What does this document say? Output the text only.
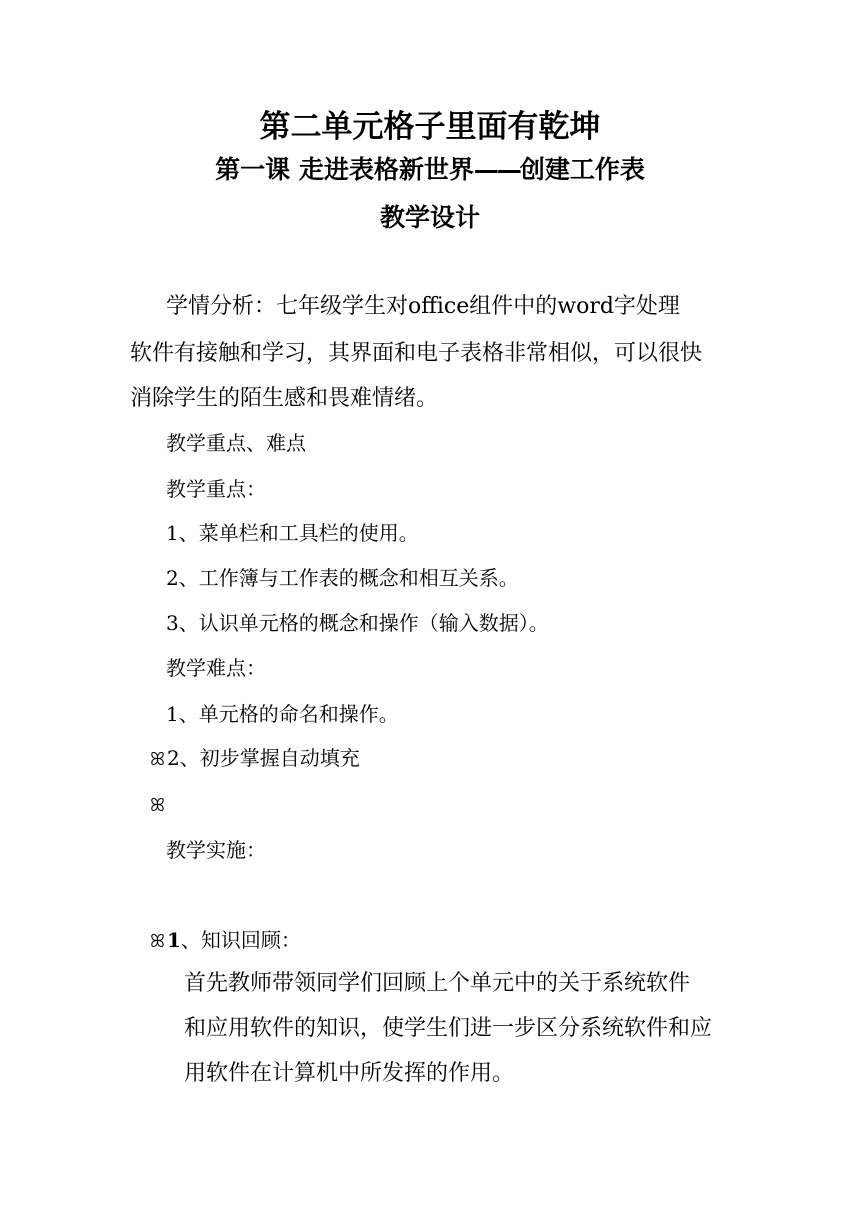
第二单元格子里面有乾坤
第一课 走进表格新世界——创建工作表
教学设计
学情分析：七年级学生对office组件中的word字处理
软件有接触和学习，其界面和电子表格非常相似，可以很快
消除学生的陌生感和畏难情绪。
教学重点、难点
教学重点：
1、菜单栏和工具栏的使用。
2、工作簿与工作表的概念和相互关系。
3、认识单元格的概念和操作（输入数据）。
教学难点：
1、单元格的命名和操作。
ꕤ 2、初步掌握自动填充
ꕤ
教学实施：
ꕤ 1、知识回顾：
首先教师带领同学们回顾上个单元中的关于系统软件
和应用软件的知识，使学生们进一步区分系统软件和应
用软件在计算机中所发挥的作用。
